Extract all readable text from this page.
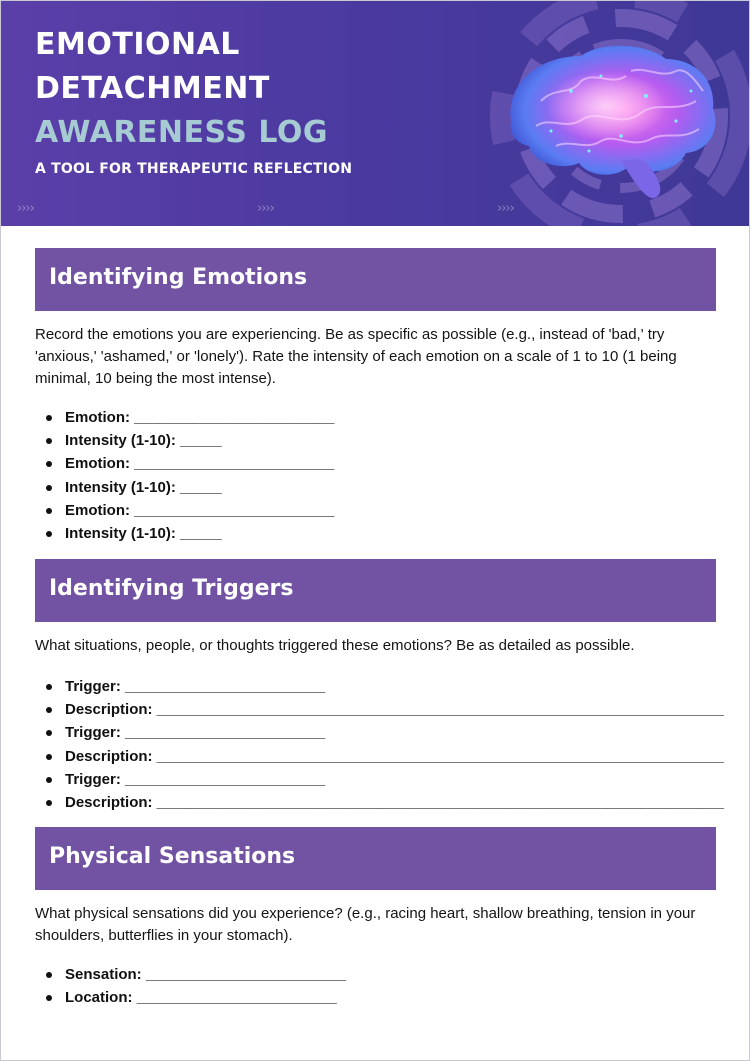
EMOTIONAL
DETACHMENT
AWARENESS LOG
A TOOL FOR THERAPEUTIC REFLECTION
››››	››››	››››
Identifying Emotions

Record the emotions you are experiencing. Be as specific as possible (e.g., instead of 'bad,' try 'anxious,' 'ashamed,' or 'lonely'). Rate the intensity of each emotion on a scale of 1 to 10 (1 being minimal, 10 being the most intense).

Emotion: ________________________
Intensity (1-10): _____
Emotion: ________________________
Intensity (1-10): _____
Emotion: ________________________
Intensity (1-10): _____
Identifying Triggers

What situations, people, or thoughts triggered these emotions? Be as detailed as possible.

Trigger: ________________________
Description: ____________________________________________________________________
Trigger: ________________________
Description: ____________________________________________________________________
Trigger: ________________________
Description: ____________________________________________________________________
Physical Sensations

What physical sensations did you experience? (e.g., racing heart, shallow breathing, tension in your shoulders, butterflies in your stomach).

Sensation: ________________________
Location: ________________________
